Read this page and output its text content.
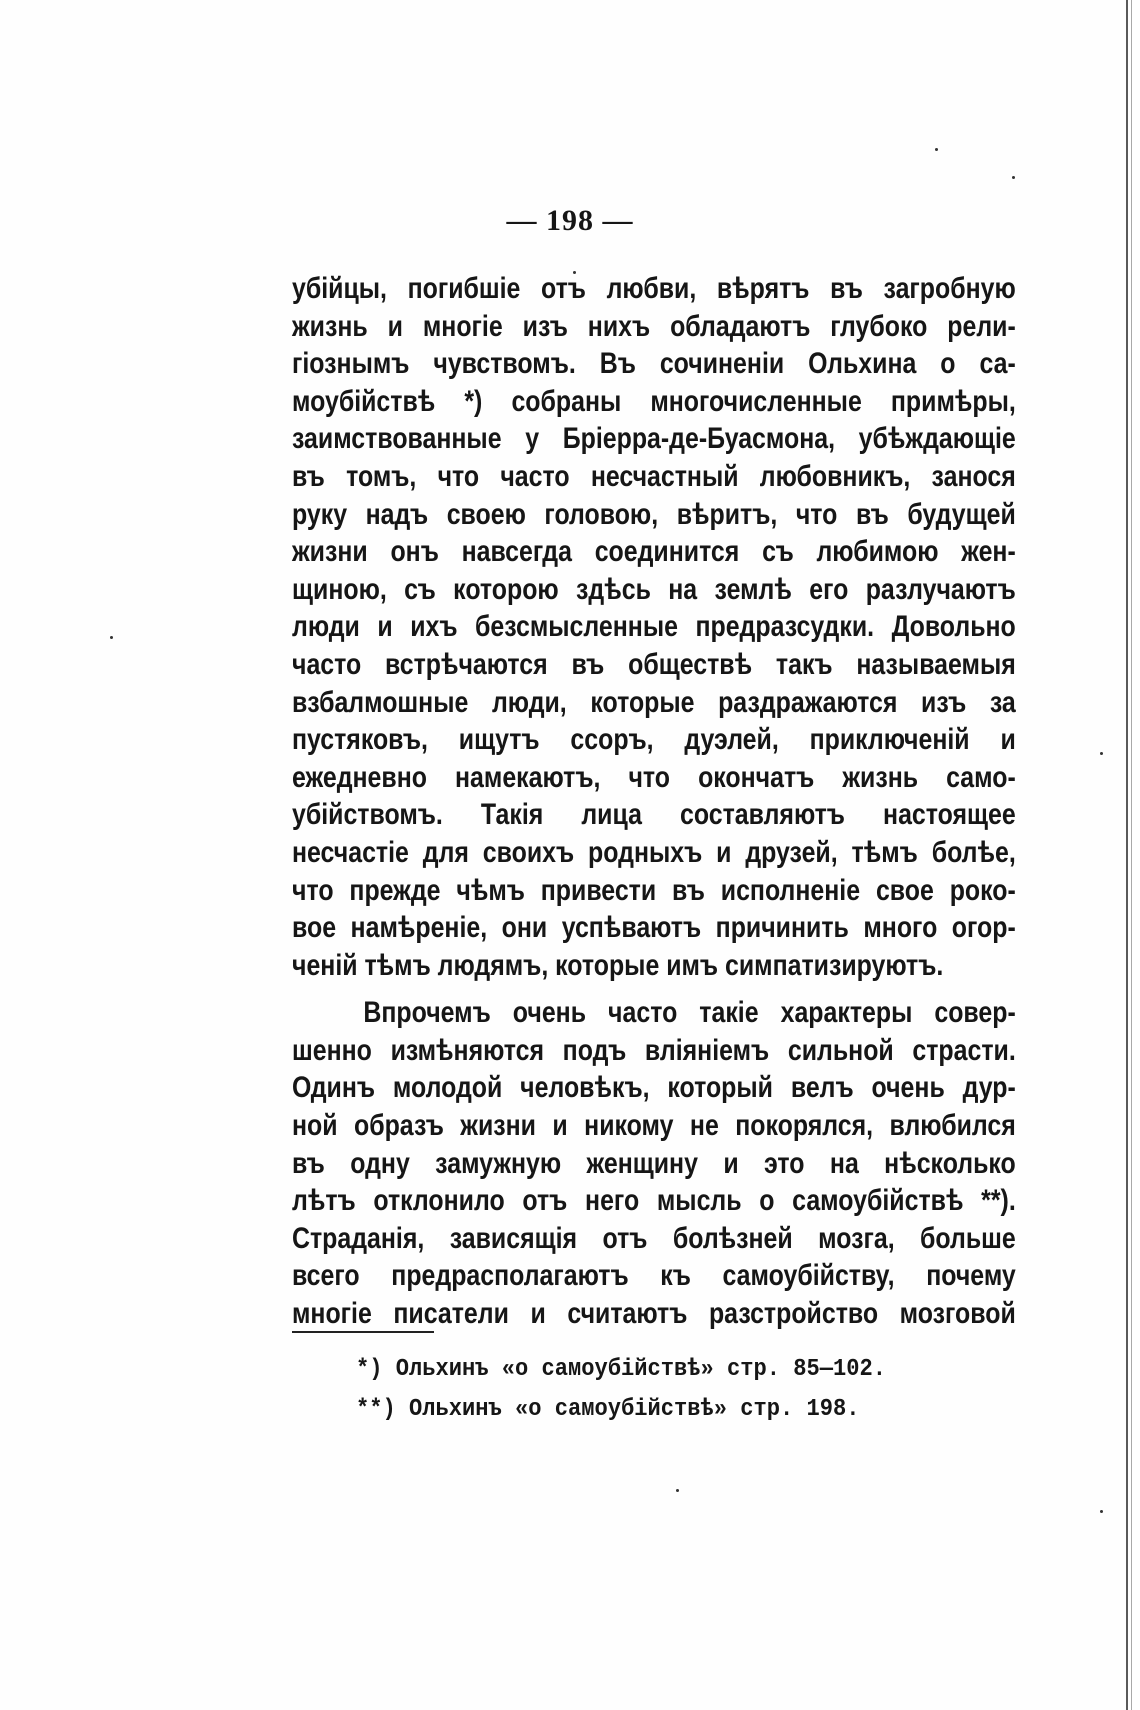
— 198 —
убійцы, погибшіе отъ любви, вѣрятъ въ загробную
жизнь и многіе изъ нихъ обладаютъ глубоко рели-
гіознымъ чувствомъ. Въ сочиненіи Ольхина о са-
моубійствѣ *) собраны многочисленные примѣры,
заимствованные у Бріерра-де-Буасмона, убѣждающіе
въ томъ, что часто несчастный любовникъ, занося
руку надъ своею головою, вѣритъ, что въ будущей
жизни онъ навсегда соединится съ любимою жен-
щиною, съ которою здѣсь на землѣ его разлучаютъ
люди и ихъ безсмысленные предразсудки. Довольно
часто встрѣчаются въ обществѣ такъ называемыя
взбалмошные люди, которые раздражаются изъ за
пустяковъ, ищутъ ссоръ, дуэлей, приключеній и
ежедневно намекаютъ, что окончатъ жизнь само-
убійствомъ. Такія лица составляютъ настоящее
несчастіе для своихъ родныхъ и друзей, тѣмъ болѣе,
что прежде чѣмъ привести въ исполненіе свое роко-
вое намѣреніе, они успѣваютъ причинить много огор-
ченій тѣмъ людямъ, которые имъ симпатизируютъ.
Впрочемъ очень часто такіе характеры совер-
шенно измѣняются подъ вліяніемъ сильной страсти.
Одинъ молодой человѣкъ, который велъ очень дур-
ной образъ жизни и никому не покорялся, влюбился
въ одну замужную женщину и это на нѣсколько
лѣтъ отклонило отъ него мысль о самоубійствѣ **).
Страданія, зависящія отъ болѣзней мозга, больше
всего предрасполагаютъ къ самоубійству, почему
многіе писатели и считаютъ разстройство мозговой
*) Ольхинъ «о самоубійствѣ» стр. 85—102.
**) Ольхинъ «о самоубійствѣ» стр. 198.
